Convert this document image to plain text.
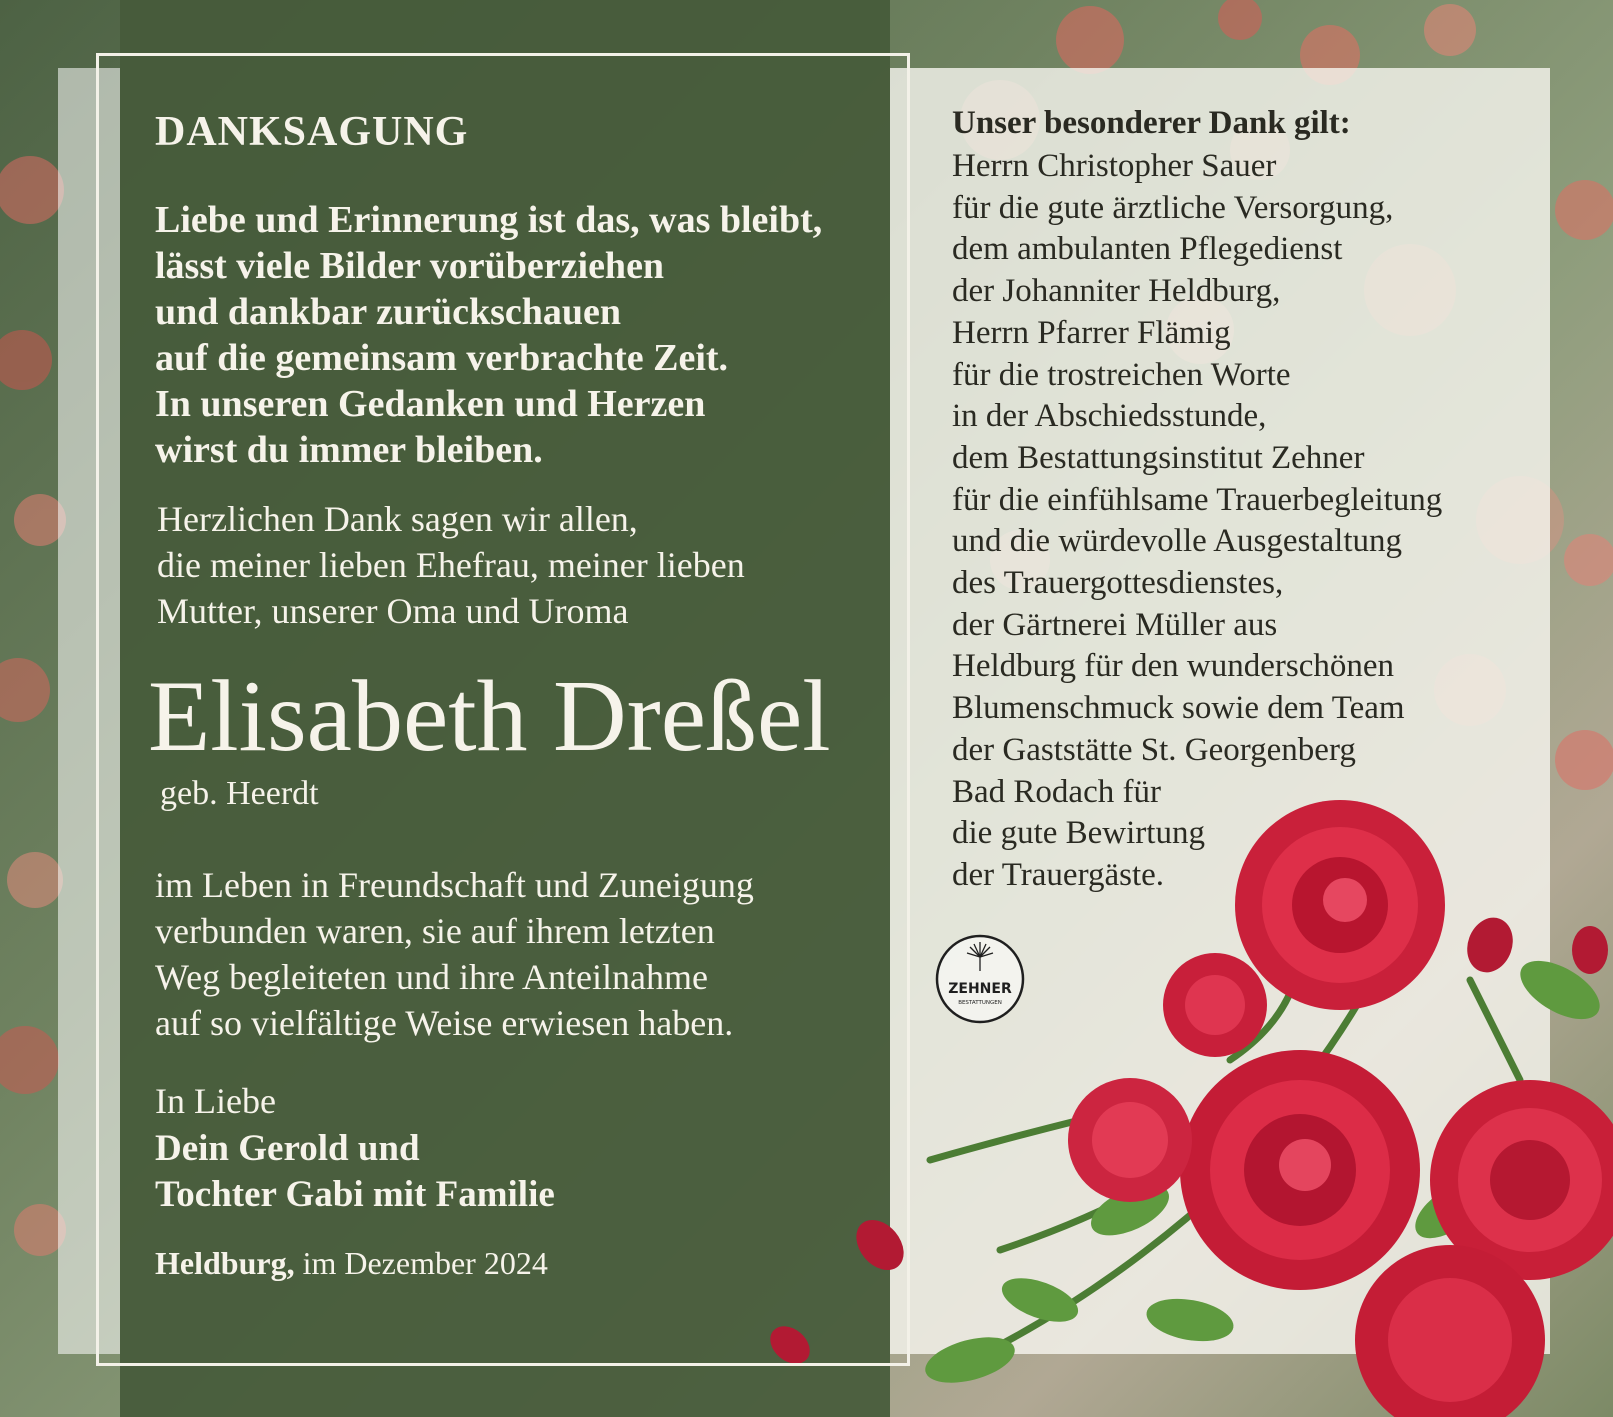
DANKSAGUNG
Liebe und Erinnerung ist das, was bleibt,
lässt viele Bilder vorüberziehen
und dankbar zurückschauen
auf die gemeinsam verbrachte Zeit.
In unseren Gedanken und Herzen
wirst du immer bleiben.
Herzlichen Dank sagen wir allen,
die meiner lieben Ehefrau, meiner lieben
Mutter, unserer Oma und Uroma
Elisabeth Dreßel
geb. Heerdt
im Leben in Freundschaft und Zuneigung
verbunden waren, sie auf ihrem letzten
Weg begleiteten und ihre Anteilnahme
auf so vielfältige Weise erwiesen haben.
In Liebe
Dein Gerold und
Tochter Gabi mit Familie
Heldburg, im Dezember 2024
Unser besonderer Dank gilt:
Herrn Christopher Sauer
für die gute ärztliche Versorgung,
dem ambulanten Pflegedienst
der Johanniter Heldburg,
Herrn Pfarrer Flämig
für die trostreichen Worte
in der Abschiedsstunde,
dem Bestattungsinstitut Zehner
für die einfühlsame Trauerbegleitung
und die würdevolle Ausgestaltung
des Trauergottesdienstes,
der Gärtnerei Müller aus
Heldburg für den wunderschönen
Blumenschmuck sowie dem Team
der Gaststätte St. Georgenberg
Bad Rodach für
die gute Bewirtung
der Trauergäste.
ZEHNER
BESTATTUNGEN
